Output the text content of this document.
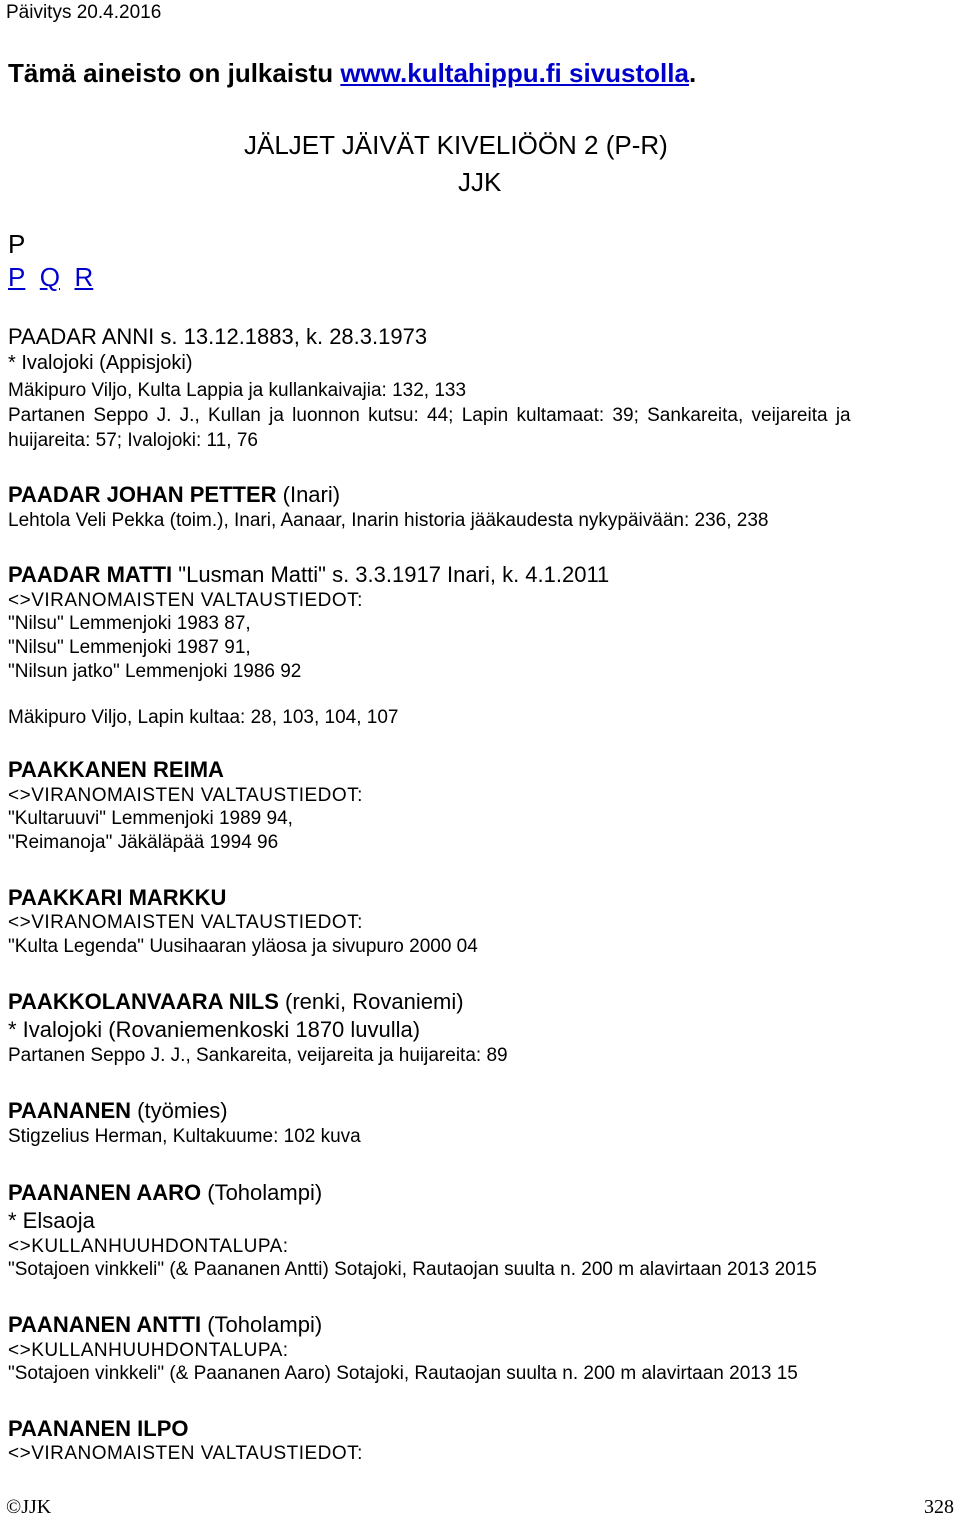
Päivitys 20.4.2016
Tämä aineisto on julkaistu www.kultahippu.fi sivustolla.
JÄLJET JÄIVÄT KIVELIÖÖN 2 (P-R)
JJK
P
P Q R
PAADAR ANNI s. 13.12.1883, k. 28.3.1973
* Ivalojoki (Appisjoki)
Mäkipuro Viljo, Kulta Lappia ja kullankaivajia: 132, 133
Partanen Seppo J. J., Kullan ja luonnon kutsu: 44; Lapin kultamaat: 39; Sankareita, veijareita ja
huijareita: 57; Ivalojoki: 11, 76
PAADAR JOHAN PETTER (Inari)
Lehtola Veli Pekka (toim.), Inari, Aanaar, Inarin historia jääkaudesta nykypäivään: 236, 238
PAADAR MATTI "Lusman Matti" s. 3.3.1917 Inari, k. 4.1.2011
<>VIRANOMAISTEN VALTAUSTIEDOT:
"Nilsu" Lemmenjoki 1983 87,
"Nilsu" Lemmenjoki 1987 91,
"Nilsun jatko" Lemmenjoki 1986 92
Mäkipuro Viljo, Lapin kultaa: 28, 103, 104, 107
PAAKKANEN REIMA
<>VIRANOMAISTEN VALTAUSTIEDOT:
"Kultaruuvi" Lemmenjoki 1989 94,
"Reimanoja" Jäkäläpää 1994 96
PAAKKARI MARKKU
<>VIRANOMAISTEN VALTAUSTIEDOT:
"Kulta Legenda" Uusihaaran yläosa ja sivupuro 2000 04
PAAKKOLANVAARA NILS (renki, Rovaniemi)
* Ivalojoki (Rovaniemenkoski 1870 luvulla)
Partanen Seppo J. J., Sankareita, veijareita ja huijareita: 89
PAANANEN (työmies)
Stigzelius Herman, Kultakuume: 102 kuva
PAANANEN AARO (Toholampi)
* Elsaoja
<>KULLANHUUHDONTALUPA:
"Sotajoen vinkkeli" (& Paananen Antti) Sotajoki, Rautaojan suulta n. 200 m alavirtaan 2013 2015
PAANANEN ANTTI (Toholampi)
<>KULLANHUUHDONTALUPA:
"Sotajoen vinkkeli" (& Paananen Aaro) Sotajoki, Rautaojan suulta n. 200 m alavirtaan 2013 15
PAANANEN ILPO
<>VIRANOMAISTEN VALTAUSTIEDOT:
©JJK	328
